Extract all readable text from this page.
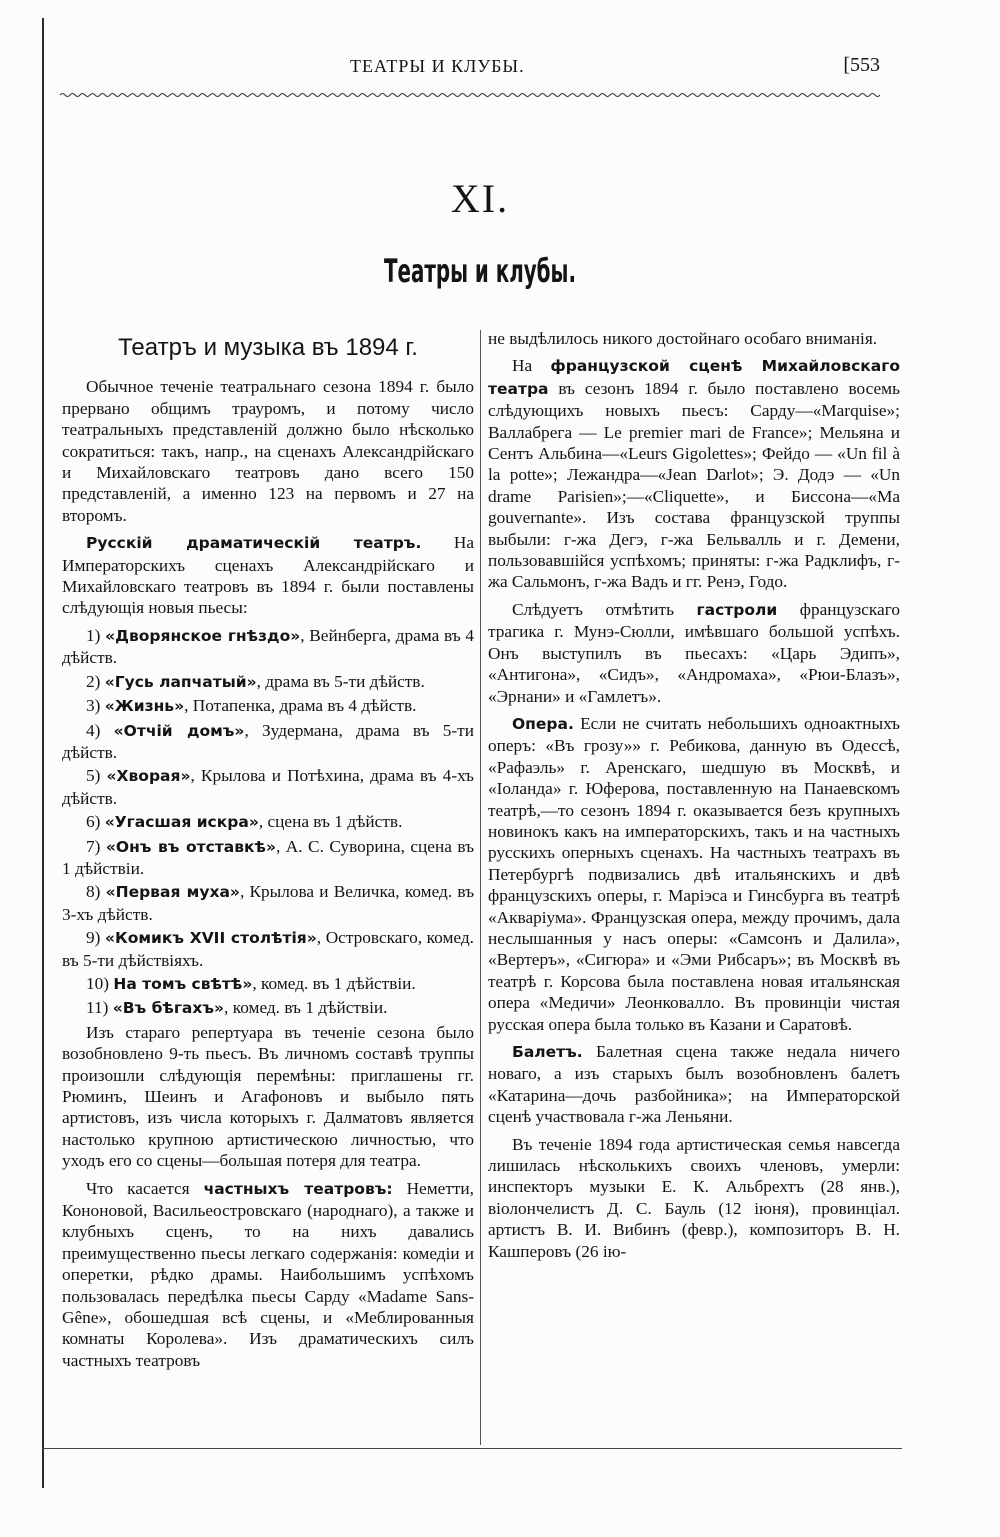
ТЕАТРЫ И КЛУБЫ.	[553
XI.
Театры и клубы.
Театръ и музыка въ 1894 г.

Обычное теченіе театральнаго сезона 1894 г. было прервано общимъ трауромъ, и потому число театральныхъ представленій должно было нѣсколько сократиться: такъ, напр., на сценахъ Александрійскаго и Михайловскаго театровъ дано всего 150 представленій, а именно 123 на первомъ и 27 на второмъ.

Русскій драматическій театръ. На Императорскихъ сценахъ Александрійскаго и Михайловскаго театровъ въ 1894 г. были поставлены слѣдующія новыя пьесы:

1) «Дворянское гнѣздо», Вейнберга, драма въ 4 дѣйств.

2) «Гусь лапчатый», драма въ 5-ти дѣйств.

3) «Жизнь», Потапенка, драма въ 4 дѣйств.

4) «Отчій домъ», Зудермана, драма въ 5-ти дѣйств.

5) «Хворая», Крылова и Потѣхина, драма въ 4-хъ дѣйств.

6) «Угасшая искра», сцена въ 1 дѣйств.

7) «Онъ въ отставкѣ», А. С. Суворина, сцена въ 1 дѣйствіи.

8) «Первая муха», Крылова и Величка, комед. въ 3-хъ дѣйств.

9) «Комикъ XVII столѣтія», Островскаго, комед. въ 5-ти дѣйствіяхъ.

10) На томъ свѣтѣ», комед. въ 1 дѣйствіи.

11) «Въ бѣгахъ», комед. въ 1 дѣйствіи.

Изъ стараго репертуара въ теченіе сезона было возобновлено 9-ть пьесъ. Въ личномъ составѣ труппы произошли слѣдующія перемѣны: приглашены гг. Рюминъ, Шеинъ и Агафоновъ и выбыло пять артистовъ, изъ числа которыхъ г. Далматовъ является настолько крупною артистическою личностью, что уходъ его со сцены—большая потеря для театра.

Что касается частныхъ театровъ: Неметти, Кононовой, Васильеостровскаго (народнаго), а также и клубныхъ сценъ, то на нихъ давались преимущественно пьесы легкаго содержанія: комедіи и оперетки, рѣдко драмы. Наибольшимъ успѣхомъ пользовалась передѣлка пьесы Сарду «Madame Sans-Gêne», обошедшая всѣ сцены, и «Меблированныя комнаты Королева». Изъ драматическихъ силъ частныхъ театровъ

не выдѣлилось никого достойнаго особаго вниманія.

На французской сценѣ Михайловскаго театра въ сезонъ 1894 г. было поставлено восемь слѣдующихъ новыхъ пьесъ: Сарду—«Marquise»; Валлабрега — Le premier mari de France»; Мельяна и Сентъ Альбина—«Leurs Gigolettes»; Фейдо — «Un fil à la potte»; Лежандра—«Jean Darlot»; Э. Додэ — «Un drame Parisien»;—«Cliquette», и Биссона—«Ma gouvernante». Изъ состава французской труппы выбыли: г-жа Дегэ, г-жа Бельвалль и г. Демени, пользовавшійся успѣхомъ; приняты: г-жа Радклифъ, г-жа Сальмонъ, г-жа Вадъ и гг. Ренэ, Годо.

Слѣдуетъ отмѣтить гастроли французскаго трагика г. Мунэ-Сюлли, имѣвшаго большой успѣхъ. Онъ выступилъ въ пьесахъ: «Царь Эдипъ», «Антигона», «Сидъ», «Андромаха», «Рюи-Блазъ», «Эрнани» и «Гамлетъ».

Опера. Если не считать небольшихъ одноактныхъ оперъ: «Въ грозу»» г. Ребикова, данную въ Одессѣ, «Рафаэль» г. Аренскаго, шедшую въ Москвѣ, и «Іоланда» г. Юферова, поставленную на Панаевскомъ театрѣ,—то сезонъ 1894 г. оказывается безъ крупныхъ новинокъ какъ на императорскихъ, такъ и на частныхъ русскихъ оперныхъ сценахъ. На частныхъ театрахъ въ Петербургѣ подвизались двѣ итальянскихъ и двѣ французскихъ оперы, г. Маріэса и Гинсбурга въ театрѣ «Акваріума». Французская опера, между прочимъ, дала неслышанныя у насъ оперы: «Самсонъ и Далила», «Вертеръ», «Сигюра» и «Эми Рибсаръ»; въ Москвѣ въ театрѣ г. Корсова была поставлена новая итальянская опера «Медичи» Леонковалло. Въ провинціи чистая русская опера была только въ Казани и Саратовѣ.

Балетъ. Балетная сцена также недала ничего новаго, а изъ старыхъ былъ возобновленъ балетъ «Катарина—дочь разбойника»; на Императорской сценѣ участвовала г-жа Леньяни.

Въ теченіе 1894 года артистическая семья навсегда лишилась нѣсколькихъ своихъ членовъ, умерли: инспекторъ музыки Е. К. Альбрехтъ (28 янв.), віолончелистъ Д. С. Бауль (12 іюня), провинціал. артистъ В. И. Вибинъ (февр.), композиторъ В. Н. Кашперовъ (26 ію-
